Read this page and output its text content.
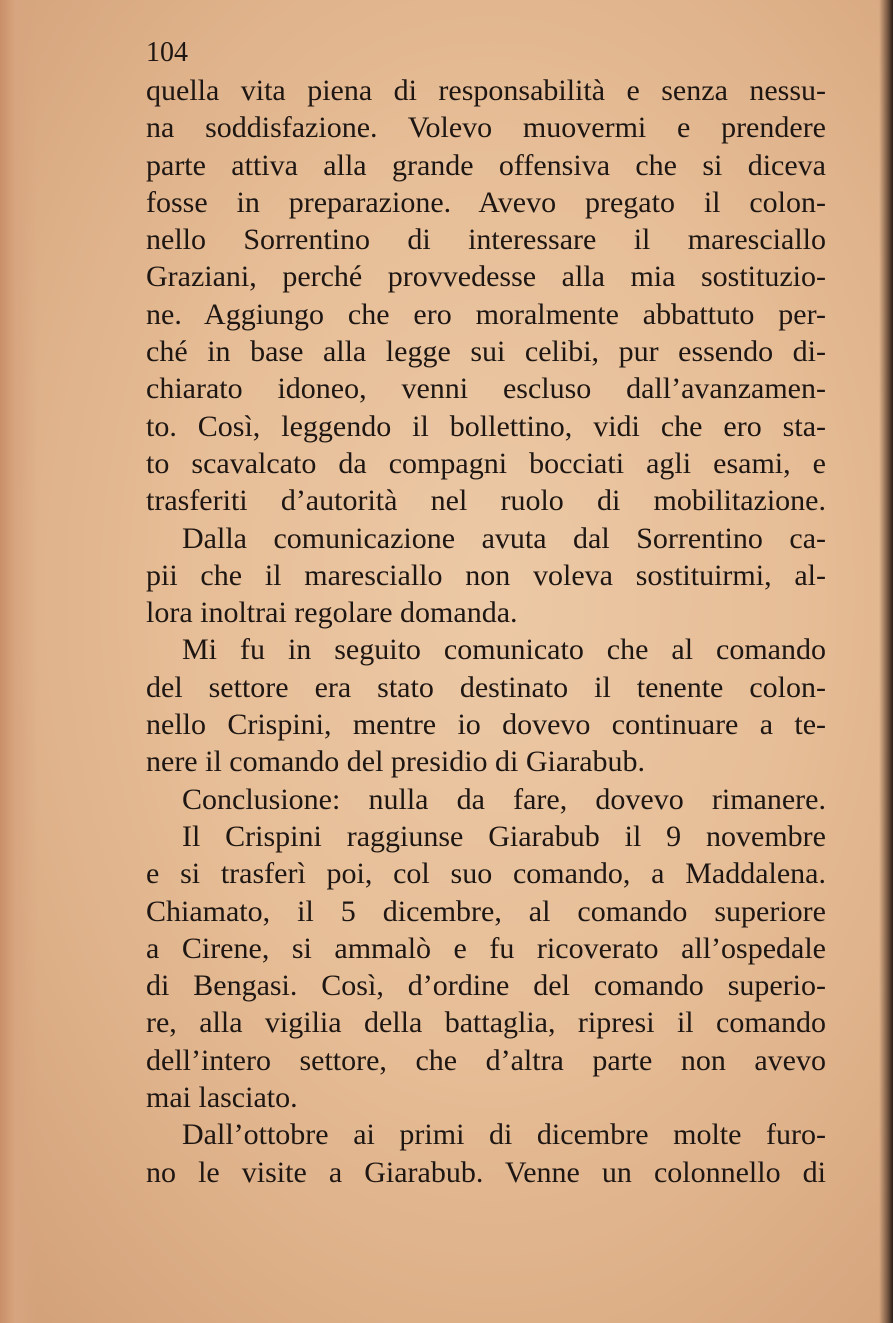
104
quella vita piena di responsabilità e senza nessu-
na soddisfazione. Volevo muovermi e prendere
parte attiva alla grande offensiva che si diceva
fosse in preparazione. Avevo pregato il colon-
nello Sorrentino di interessare il maresciallo
Graziani, perché provvedesse alla mia sostituzio-
ne. Aggiungo che ero moralmente abbattuto per-
ché in base alla legge sui celibi, pur essendo di-
chiarato idoneo, venni escluso dall’avanzamen-
to. Così, leggendo il bollettino, vidi che ero sta-
to scavalcato da compagni bocciati agli esami, e
trasferiti d’autorità nel ruolo di mobilitazione.
Dalla comunicazione avuta dal Sorrentino ca-
pii che il maresciallo non voleva sostituirmi, al-
lora inoltrai regolare domanda.
Mi fu in seguito comunicato che al comando
del settore era stato destinato il tenente colon-
nello Crispini, mentre io dovevo continuare a te-
nere il comando del presidio di Giarabub.
Conclusione: nulla da fare, dovevo rimanere.
Il Crispini raggiunse Giarabub il 9 novembre
e si trasferì poi, col suo comando, a Maddalena.
Chiamato, il 5 dicembre, al comando superiore
a Cirene, si ammalò e fu ricoverato all’ospedale
di Bengasi. Così, d’ordine del comando superio-
re, alla vigilia della battaglia, ripresi il comando
dell’intero settore, che d’altra parte non avevo
mai lasciato.
Dall’ottobre ai primi di dicembre molte furo-
no le visite a Giarabub. Venne un colonnello di
